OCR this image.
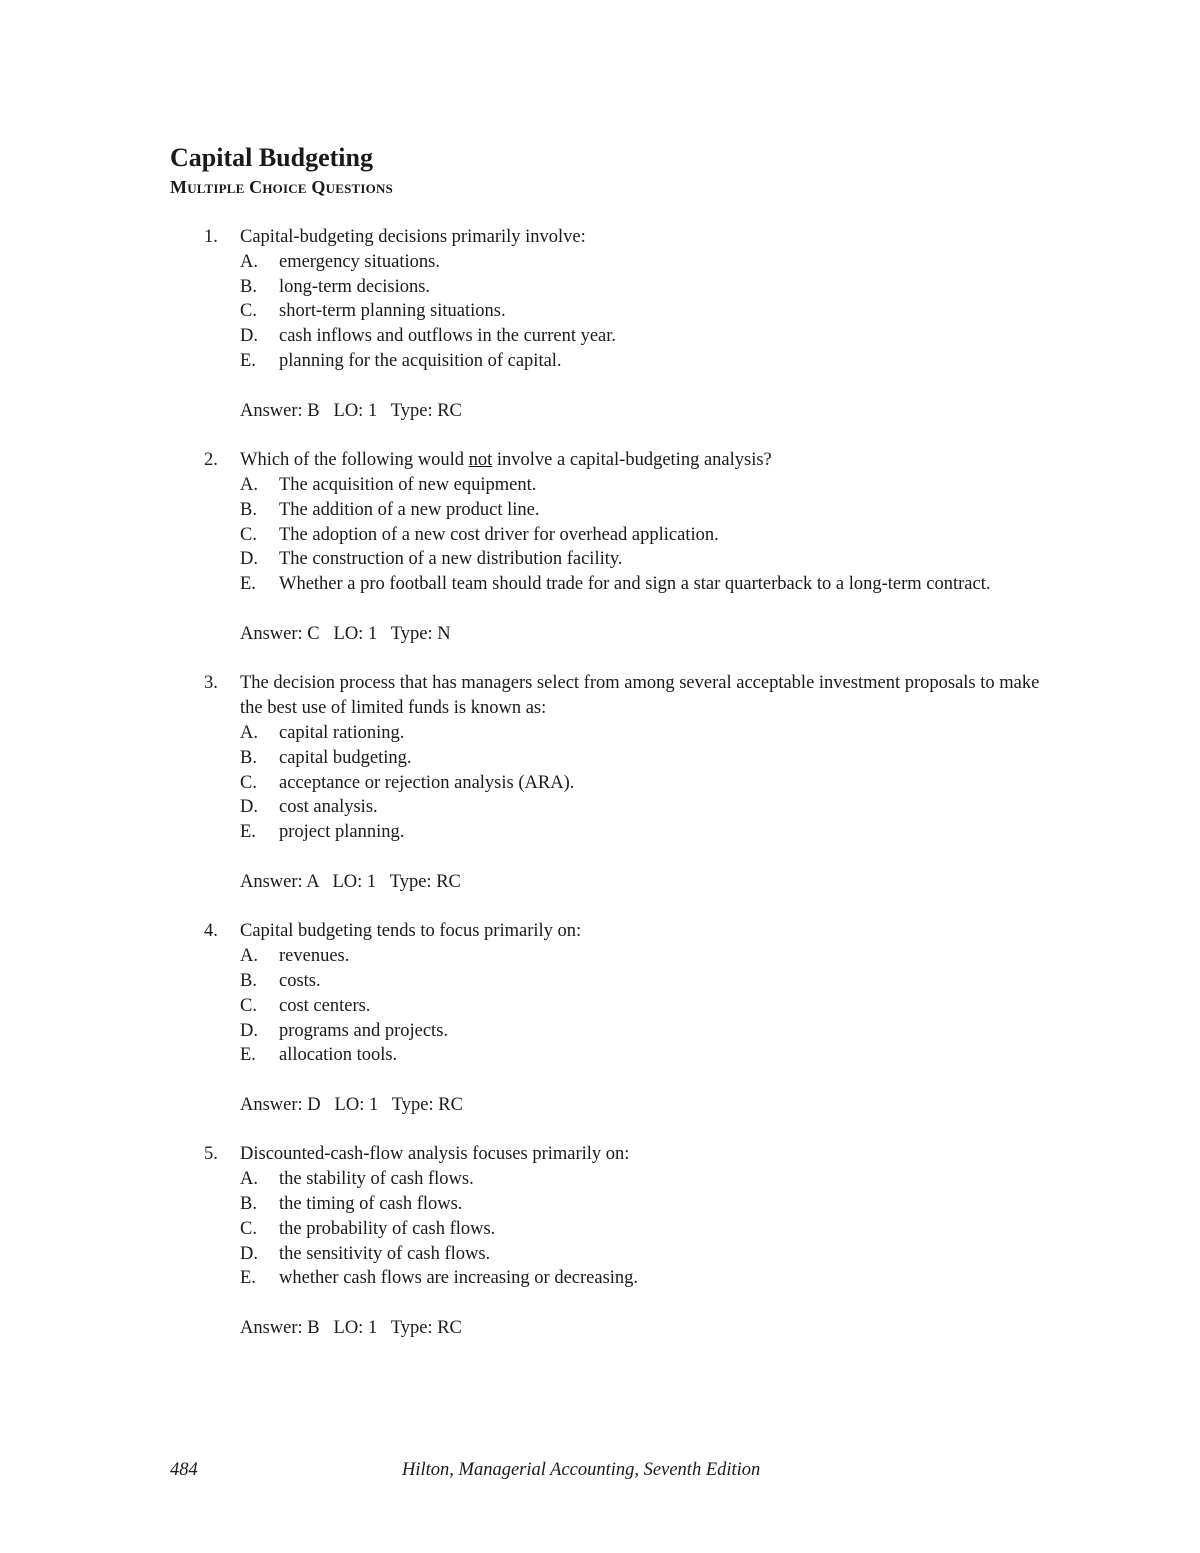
Capital Budgeting
Multiple Choice Questions
1. Capital-budgeting decisions primarily involve:
A. emergency situations.
B. long-term decisions.
C. short-term planning situations.
D. cash inflows and outflows in the current year.
E. planning for the acquisition of capital.
Answer: B   LO: 1   Type: RC
2. Which of the following would not involve a capital-budgeting analysis?
A. The acquisition of new equipment.
B. The addition of a new product line.
C. The adoption of a new cost driver for overhead application.
D. The construction of a new distribution facility.
E. Whether a pro football team should trade for and sign a star quarterback to a long-term contract.
Answer: C   LO: 1   Type: N
3. The decision process that has managers select from among several acceptable investment proposals to make the best use of limited funds is known as:
A. capital rationing.
B. capital budgeting.
C. acceptance or rejection analysis (ARA).
D. cost analysis.
E. project planning.
Answer: A   LO: 1   Type: RC
4. Capital budgeting tends to focus primarily on:
A. revenues.
B. costs.
C. cost centers.
D. programs and projects.
E. allocation tools.
Answer: D   LO: 1   Type: RC
5. Discounted-cash-flow analysis focuses primarily on:
A. the stability of cash flows.
B. the timing of cash flows.
C. the probability of cash flows.
D. the sensitivity of cash flows.
E. whether cash flows are increasing or decreasing.
Answer: B   LO: 1   Type: RC
484	Hilton, Managerial Accounting, Seventh Edition
